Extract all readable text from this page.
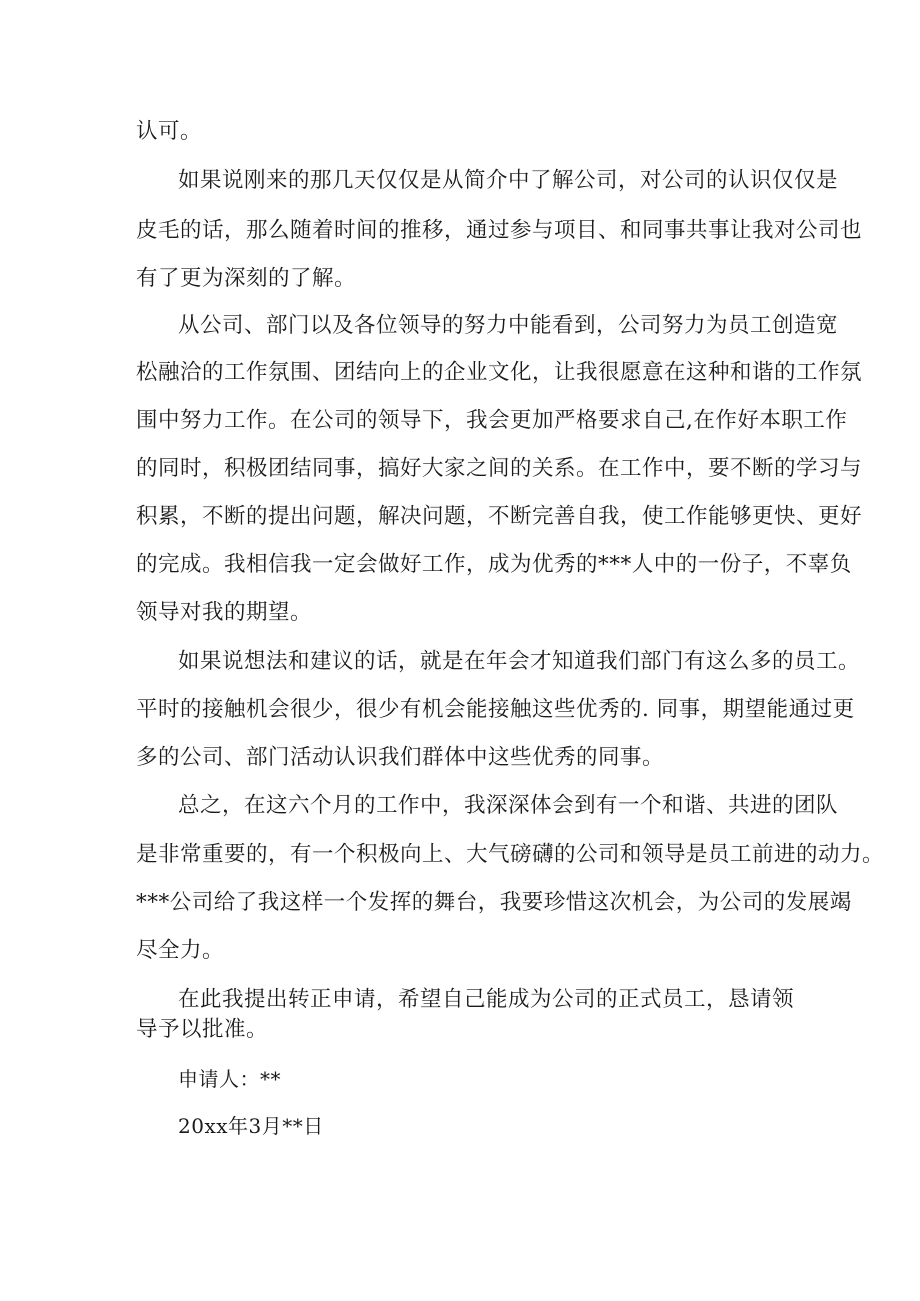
认可。
如果说刚来的那几天仅仅是从简介中了解公司，对公司的认识仅仅是
皮毛的话，那么随着时间的推移，通过参与项目、和同事共事让我对公司也
有了更为深刻的了解。
从公司、部门以及各位领导的努力中能看到，公司努力为员工创造宽
松融洽的工作氛围、团结向上的企业文化，让我很愿意在这种和谐的工作氛
围中努力工作。在公司的领导下，我会更加严格要求自己,在作好本职工作
的同时，积极团结同事，搞好大家之间的关系。在工作中，要不断的学习与
积累，不断的提出问题，解决问题，不断完善自我，使工作能够更快、更好
的完成。我相信我一定会做好工作，成为优秀的***人中的一份子，不辜负
领导对我的期望。
如果说想法和建议的话，就是在年会才知道我们部门有这么多的员工。
平时的接触机会很少，很少有机会能接触这些优秀的. 同事，期望能通过更
多的公司、部门活动认识我们群体中这些优秀的同事。
总之，在这六个月的工作中，我深深体会到有一个和谐、共进的团队
是非常重要的，有一个积极向上、大气磅礴的公司和领导是员工前进的动力。
***公司给了我这样一个发挥的舞台，我要珍惜这次机会，为公司的发展竭
尽全力。
在此我提出转正申请，希望自己能成为公司的正式员工，恳请领
导予以批准。
申请人：**
20xx年3月**日
